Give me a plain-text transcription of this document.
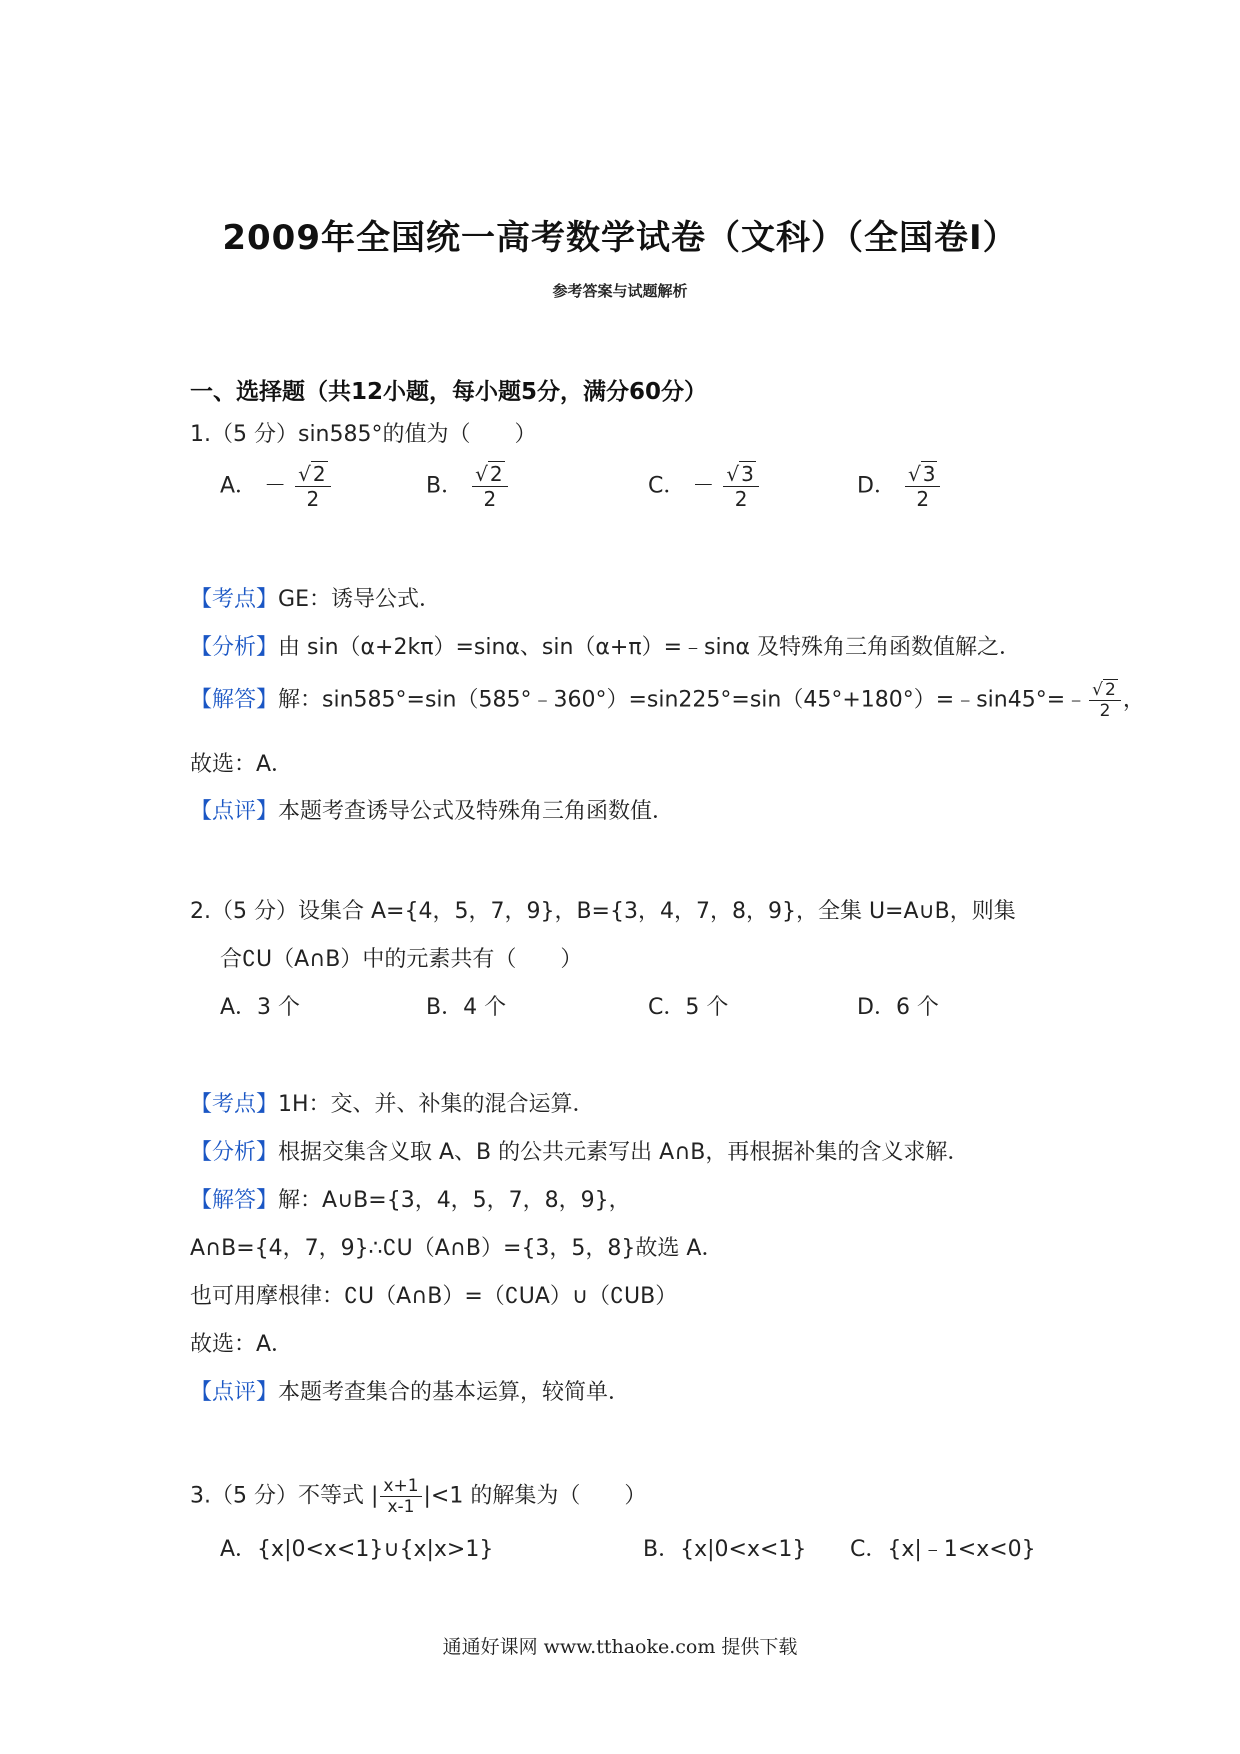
2009年全国统一高考数学试卷（文科）（全国卷Ⅰ）
参考答案与试题解析
一、选择题（共12小题，每小题5分，满分60分）
1.（5 分）sin585°的值为（　　）
A． － $\frac{√ 2}{2}$	B． $\frac{√ 2}{2}$	C． － $\frac{√ 3}{2}$	D． $\frac{√ 3}{2}$
【考点】GE：诱导公式．
【分析】由 sin（α+2kπ）=sinα、sin（α+π）=﹣sinα 及特殊角三角函数值解之．
【解答】解：sin585°=sin（585°﹣360°）=sin225°=sin（45°+180°）=﹣sin45°=﹣ $\frac{√ 2}{2}$ ，
故选：A．
【点评】本题考查诱导公式及特殊角三角函数值．
2.（5 分）设集合 A={4，5，7，9}，B={3，4，7，8，9}，全集 U=A∪B，则集
合∁U（A∩B）中的元素共有（　　）
A．3 个	B．4 个	C．5 个	D．6 个
【考点】1H：交、并、补集的混合运算．
【分析】根据交集含义取 A、B 的公共元素写出 A∩B，再根据补集的含义求解．
【解答】解：A∪B={3，4，5，7，8，9}，
A∩B={4，7，9}∴∁U（A∩B）={3，5，8}故选 A．
也可用摩根律：∁U（A∩B）=（∁UA）∪（∁UB）
故选：A．
【点评】本题考查集合的基本运算，较简单．
3.（5 分）不等式 | $\frac{x+1}{x-1} |<1$ 的解集为（　　）
A．{x|0<x<1}∪{x|x>1}	B．{x|0<x<1} C．{x|﹣1<x<0}
通通好课网 www.tthaoke.com 提供下载
